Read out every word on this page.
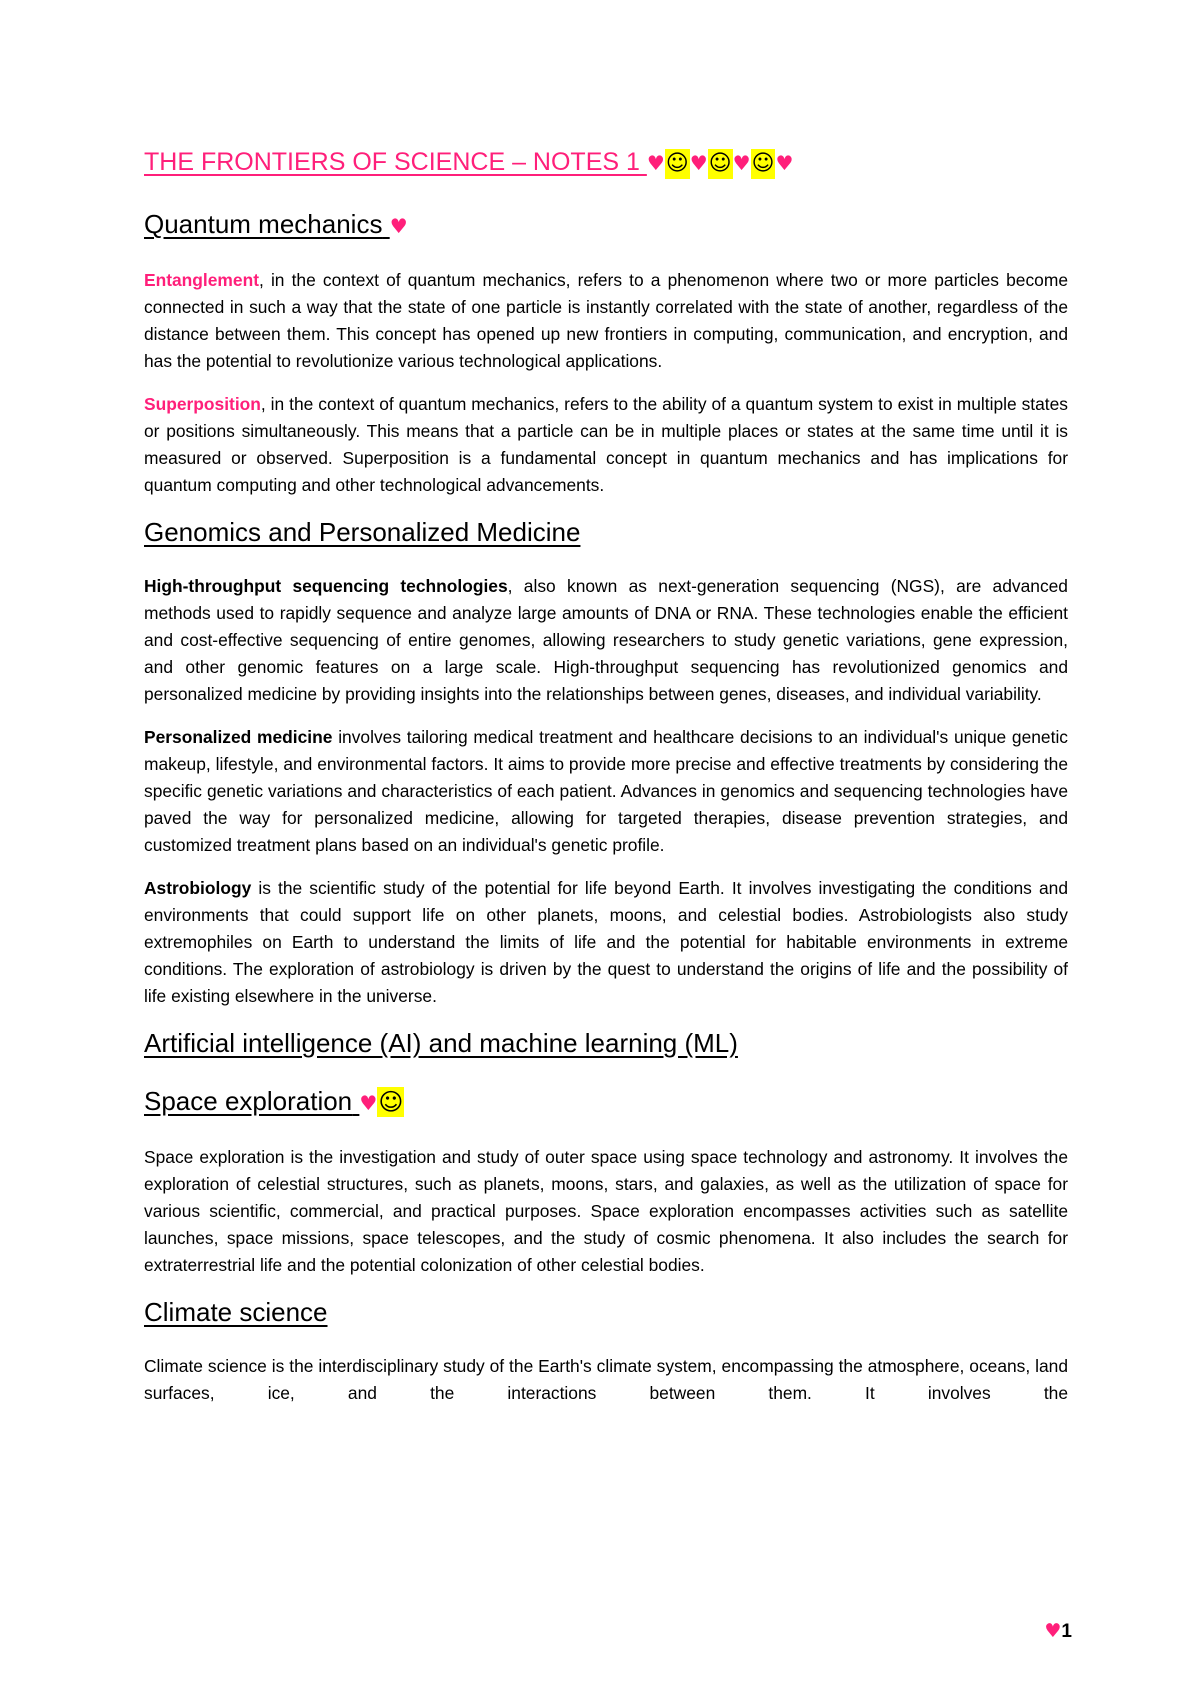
THE FRONTIERS OF SCIENCE – NOTES 1 ♥☺♥☺♥☺♥
Quantum mechanics ♥

Entanglement, in the context of quantum mechanics, refers to a phenomenon where two or more particles become connected in such a way that the state of one particle is instantly correlated with the state of another, regardless of the distance between them. This concept has opened up new frontiers in computing, communication, and encryption, and has the potential to revolutionize various technological applications.

Superposition, in the context of quantum mechanics, refers to the ability of a quantum system to exist in multiple states or positions simultaneously. This means that a particle can be in multiple places or states at the same time until it is measured or observed. Superposition is a fundamental concept in quantum mechanics and has implications for quantum computing and other technological advancements.

Genomics and Personalized Medicine

High-throughput sequencing technologies, also known as next-generation sequencing (NGS), are advanced methods used to rapidly sequence and analyze large amounts of DNA or RNA. These technologies enable the efficient and cost-effective sequencing of entire genomes, allowing researchers to study genetic variations, gene expression, and other genomic features on a large scale. High-throughput sequencing has revolutionized genomics and personalized medicine by providing insights into the relationships between genes, diseases, and individual variability.

Personalized medicine involves tailoring medical treatment and healthcare decisions to an individual's unique genetic makeup, lifestyle, and environmental factors. It aims to provide more precise and effective treatments by considering the specific genetic variations and characteristics of each patient. Advances in genomics and sequencing technologies have paved the way for personalized medicine, allowing for targeted therapies, disease prevention strategies, and customized treatment plans based on an individual's genetic profile.

Astrobiology is the scientific study of the potential for life beyond Earth. It involves investigating the conditions and environments that could support life on other planets, moons, and celestial bodies. Astrobiologists also study extremophiles on Earth to understand the limits of life and the potential for habitable environments in extreme conditions. The exploration of astrobiology is driven by the quest to understand the origins of life and the possibility of life existing elsewhere in the universe.

Artificial intelligence (AI) and machine learning (ML)
Space exploration ♥☺

Space exploration is the investigation and study of outer space using space technology and astronomy. It involves the exploration of celestial structures, such as planets, moons, stars, and galaxies, as well as the utilization of space for various scientific, commercial, and practical purposes. Space exploration encompasses activities such as satellite launches, space missions, space telescopes, and the study of cosmic phenomena. It also includes the search for extraterrestrial life and the potential colonization of other celestial bodies.

Climate science

Climate science is the interdisciplinary study of the Earth's climate system, encompassing the atmosphere, oceans, land surfaces, ice, and the interactions between them. It involves the

♥1
